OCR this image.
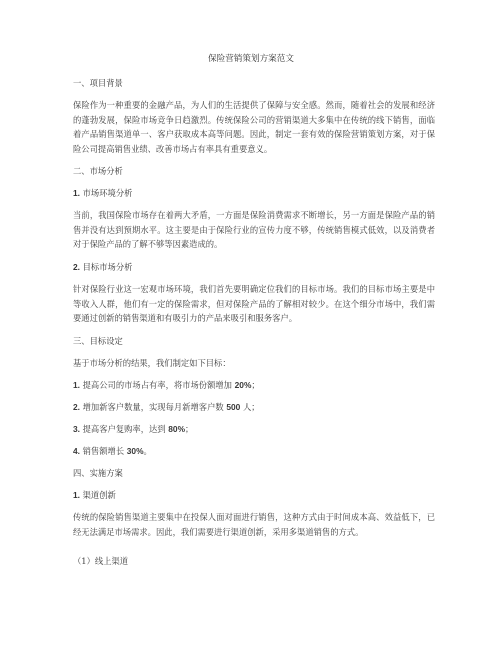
保险营销策划方案范文
一、项目背景
保险作为一种重要的金融产品，为人们的生活提供了保障与安全感。然而，随着社会的发展和经济的蓬勃发展，保险市场竞争日趋激烈。传统保险公司的营销渠道大多集中在传统的线下销售，面临着产品销售渠道单一、客户获取成本高等问题。因此，制定一套有效的保险营销策划方案，对于保险公司提高销售业绩、改善市场占有率具有重要意义。
二、市场分析
1. 市场环境分析
当前，我国保险市场存在着两大矛盾，一方面是保险消费需求不断增长，另一方面是保险产品的销售并没有达到预期水平。这主要是由于保险行业的宣传力度不够，传统销售模式低效，以及消费者对于保险产品的了解不够等因素造成的。
2. 目标市场分析
针对保险行业这一宏观市场环境，我们首先要明确定位我们的目标市场。我们的目标市场主要是中等收入人群，他们有一定的保险需求，但对保险产品的了解相对较少。在这个细分市场中，我们需要通过创新的销售渠道和有吸引力的产品来吸引和服务客户。
三、目标设定
基于市场分析的结果，我们制定如下目标：
1. 提高公司的市场占有率，将市场份额增加 20%；
2. 增加新客户数量，实现每月新增客户数 500 人；
3. 提高客户复购率，达到 80%；
4. 销售额增长 30%。
四、实施方案
1. 渠道创新
传统的保险销售渠道主要集中在投保人面对面进行销售，这种方式由于时间成本高、效益低下，已经无法满足市场需求。因此，我们需要进行渠道创新，采用多渠道销售的方式。
（1）线上渠道
